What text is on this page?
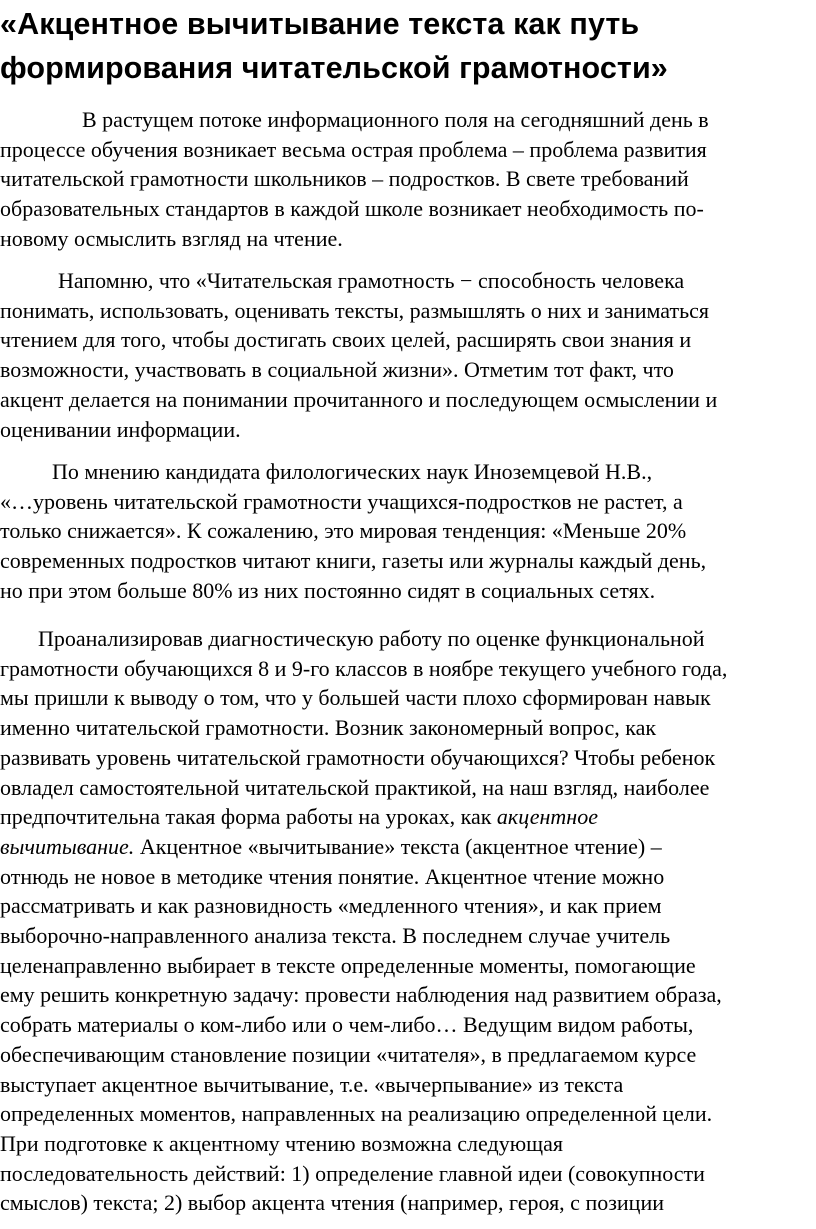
«Акцентное вычитывание текста как путь
формирования читательской грамотности»
В растущем потоке информационного поля на сегодняшний день в
процессе обучения возникает весьма острая проблема – проблема развития
читательской грамотности школьников – подростков. В свете требований
образовательных стандартов в каждой школе возникает необходимость по-
новому осмыслить взгляд на чтение.
Напомню, что «Читательская грамотность − способность человека
понимать, использовать, оценивать тексты, размышлять о них и заниматься
чтением для того, чтобы достигать своих целей, расширять свои знания и
возможности, участвовать в социальной жизни». Отметим тот факт, что
акцент делается на понимании прочитанного и последующем осмыслении и
оценивании информации.
По мнению кандидата филологических наук Иноземцевой Н.В.,
«…уровень читательской грамотности учащихся-подростков не растет, а
только снижается». К сожалению, это мировая тенденция: «Меньше 20%
современных подростков читают книги, газеты или журналы каждый день,
но при этом больше 80% из них постоянно сидят в социальных сетях.
Проанализировав диагностическую работу по оценке функциональной
грамотности обучающихся 8 и 9-го классов в ноябре текущего учебного года,
мы пришли к выводу о том, что у большей части плохо сформирован навык
именно читательской грамотности. Возник закономерный вопрос, как
развивать уровень читательской грамотности обучающихся? Чтобы ребенок
овладел самостоятельной читательской практикой, на наш взгляд, наиболее
предпочтительна такая форма работы на уроках, как акцентное
вычитывание. Акцентное «вычитывание» текста (акцентное чтение) –
отнюдь не новое в методике чтения понятие. Акцентное чтение можно
рассматривать и как разновидность «медленного чтения», и как прием
выборочно-направленного анализа текста. В последнем случае учитель
целенаправленно выбирает в тексте определенные моменты, помогающие
ему решить конкретную задачу: провести наблюдения над развитием образа,
собрать материалы о ком-либо или о чем-либо… Ведущим видом работы,
обеспечивающим становление позиции «читателя», в предлагаемом курсе
выступает акцентное вычитывание, т.е. «вычерпывание» из текста
определенных моментов, направленных на реализацию определенной цели.
При подготовке к акцентному чтению возможна следующая
последовательность действий: 1) определение главной идеи (совокупности
смыслов) текста; 2) выбор акцента чтения (например, героя, с позиции
